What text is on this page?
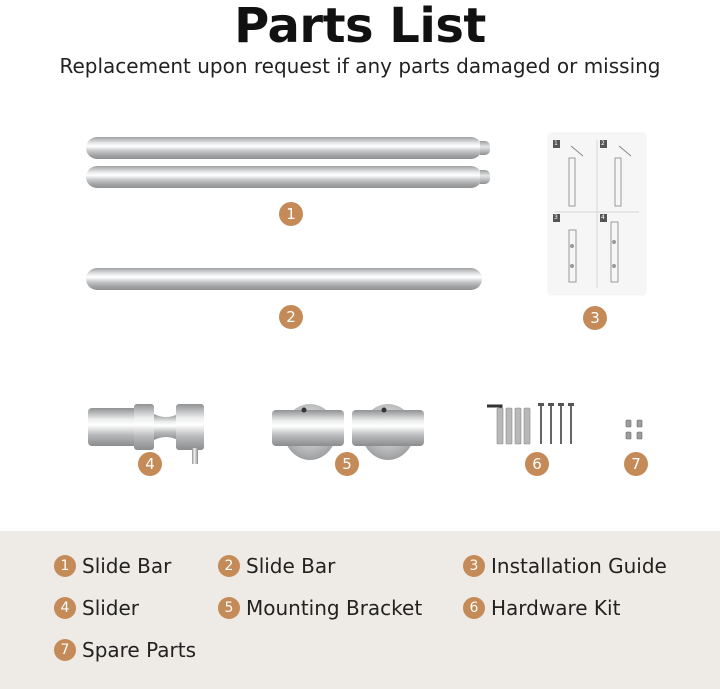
Parts List
Replacement upon request if any parts damaged or missing
1
2
1	2
3	4
3
4	5	6	7
1 Slide Bar	2 Slide Bar	3 Installation Guide
4 Slider	5 Mounting Bracket	6 Hardware Kit
7 Spare Parts
